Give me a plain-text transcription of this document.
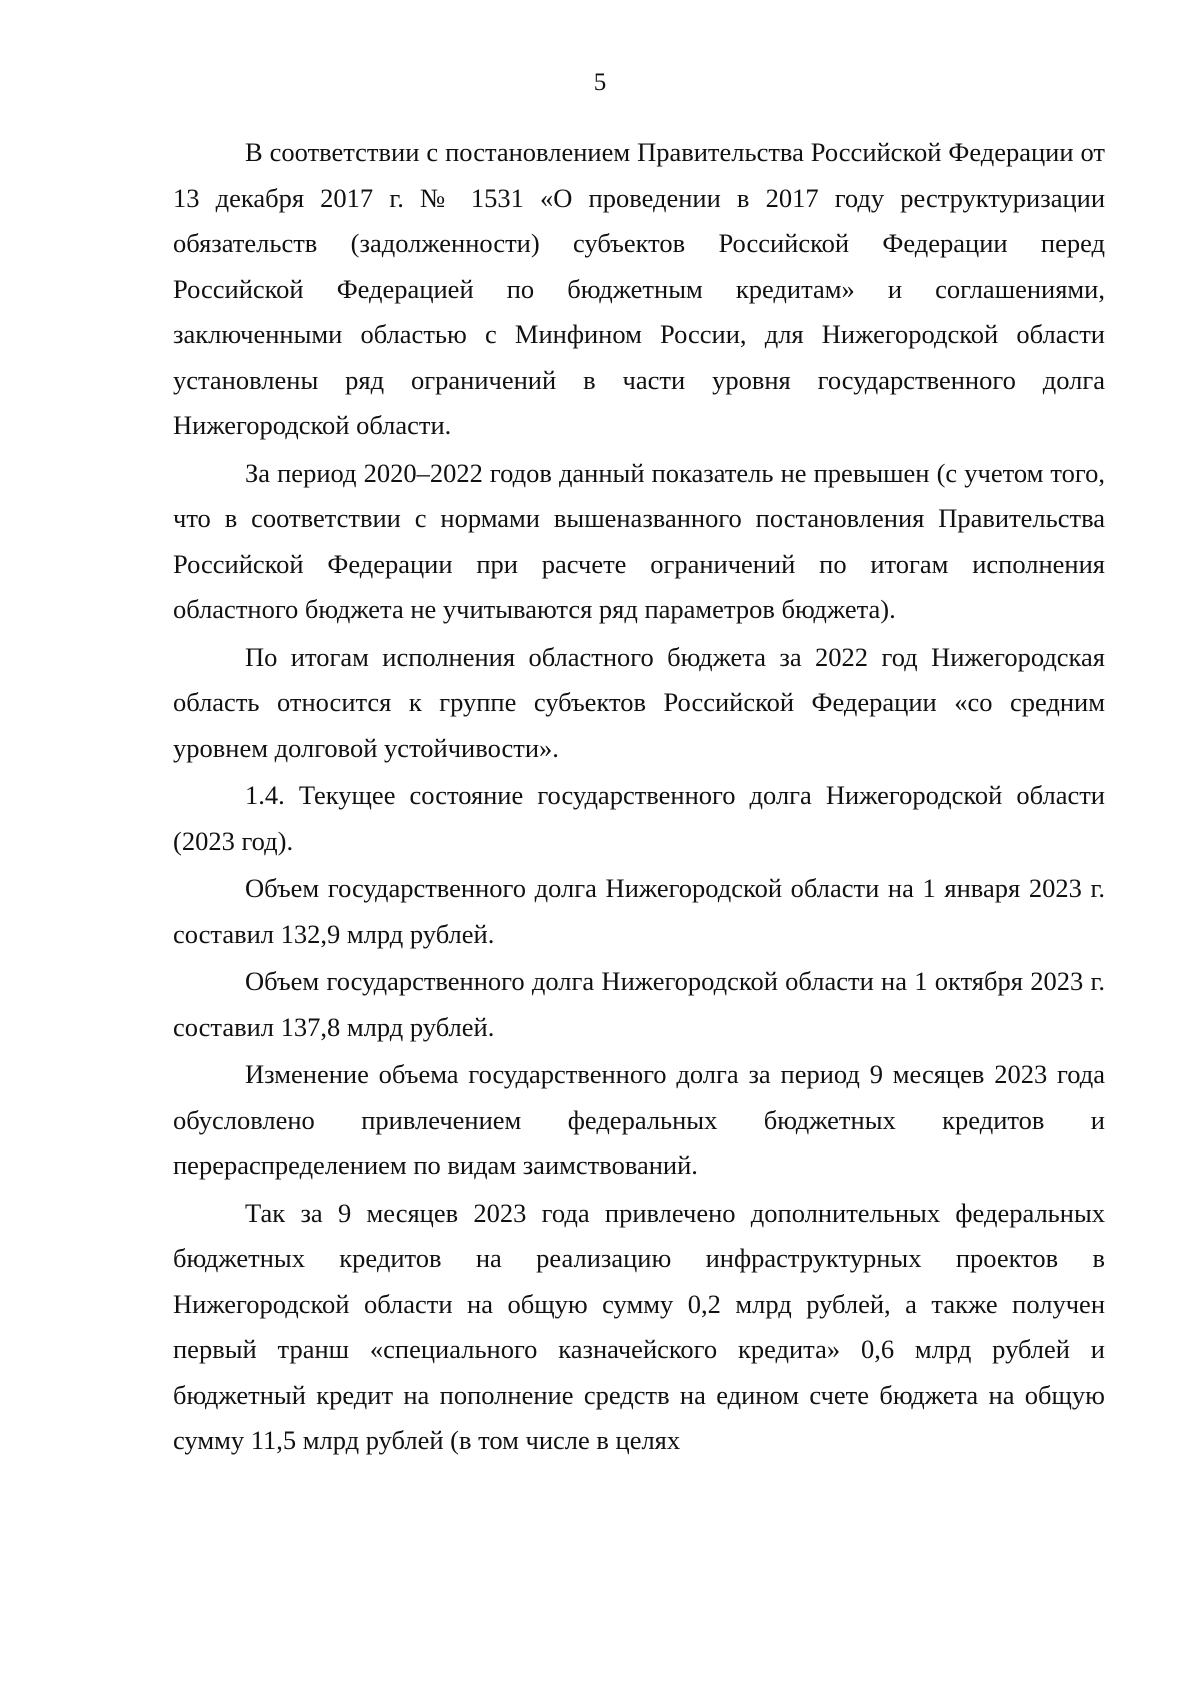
5

В соответствии с постановлением Правительства Российской Федерации от 13 декабря 2017 г. № 1531 «О проведении в 2017 году реструктуризации обязательств (задолженности) субъектов Российской Федерации перед Российской Федерацией по бюджетным кредитам» и соглашениями, заключенными областью с Минфином России, для Нижегородской области установлены ряд ограничений в части уровня государственного долга Нижегородской области.

За период 2020–2022 годов данный показатель не превышен (с учетом того, что в соответствии с нормами вышеназванного постановления Правительства Российской Федерации при расчете ограничений по итогам исполнения областного бюджета не учитываются ряд параметров бюджета).

По итогам исполнения областного бюджета за 2022 год Нижегородская область относится к группе субъектов Российской Федерации «со средним уровнем долговой устойчивости».

1.4. Текущее состояние государственного долга Нижегородской области (2023 год).

Объем государственного долга Нижегородской области на 1 января 2023 г. составил 132,9 млрд рублей.

Объем государственного долга Нижегородской области на 1 октября 2023 г. составил 137,8 млрд рублей.

Изменение объема государственного долга за период 9 месяцев 2023 года обусловлено привлечением федеральных бюджетных кредитов и перераспределением по видам заимствований.

Так за 9 месяцев 2023 года привлечено дополнительных федеральных бюджетных кредитов на реализацию инфраструктурных проектов в Нижегородской области на общую сумму 0,2 млрд рублей, а также получен первый транш «специального казначейского кредита» 0,6 млрд рублей и бюджетный кредит на пополнение средств на едином счете бюджета на общую сумму 11,5 млрд рублей (в том числе в целях
